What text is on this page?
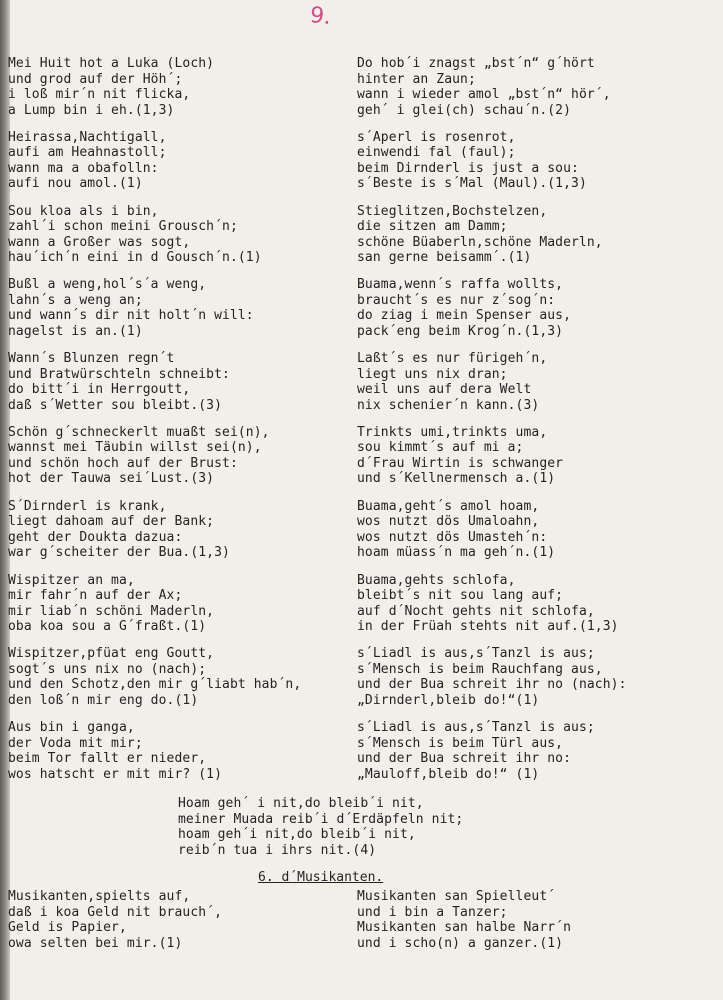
9.
Mei Huit hot a Luka (Loch)
und grod auf der Höh´;
i loß mir´n nit flicka,
a Lump bin i eh.(1,3)
Heirassa,Nachtigall,
aufi am Heahnastoll;
wann ma a obafolln:
aufi nou amol.(1)
Sou kloa als i bin,
zahl´i schon meini Grousch´n;
wann a Großer was sogt,
hau´ich´n eini in d Gousch´n.(1)
Bußl a weng,hol´s´a weng,
lahn´s a weng an;
und wann´s dir nit holt´n will:
nagelst is an.(1)
Wann´s Blunzen regn´t
und Bratwürschteln schneibt:
do bitt´i in Herrgoutt,
daß s´Wetter sou bleibt.(3)
Schön g´schneckerlt muaßt sei(n),
wannst mei Täubin willst sei(n),
und schön hoch auf der Brust:
hot der Tauwa sei´Lust.(3)
S´Dirnderl is krank,
liegt dahoam auf der Bank;
geht der Doukta dazua:
war g´scheiter der Bua.(1,3)
Wispitzer an ma,
mir fahr´n auf der Ax;
mir liab´n schöni Maderln,
oba koa sou a G´fraßt.(1)
Wispitzer,pfüat eng Goutt,
sogt´s uns nix no (nach);
und den Schotz,den mir g´liabt hab´n,
den loß´n mir eng do.(1)
Aus bin i ganga,
der Voda mit mir;
beim Tor fallt er nieder,
wos hatscht er mit mir? (1)
Do hob´i znagst „bst´n“ g´hört
hinter an Zaun;
wann i wieder amol „bst´n“ hör´,
geh´ i glei(ch) schau´n.(2)
s´Aperl is rosenrot,
einwendi fal (faul);
beim Dirnderl is just a sou:
s´Beste is s´Mal (Maul).(1,3)
Stieglitzen,Bochstelzen,
die sitzen am Damm;
schöne Büaberln,schöne Maderln,
san gerne beisamm´.(1)
Buama,wenn´s raffa wollts,
braucht´s es nur z´sog´n:
do ziag i mein Spenser aus,
pack´eng beim Krog´n.(1,3)
Laßt´s es nur fürigeh´n,
liegt uns nix dran;
weil uns auf dera Welt
nix schenier´n kann.(3)
Trinkts umi,trinkts uma,
sou kimmt´s auf mi a;
d´Frau Wirtin is schwanger
und s´Kellnermensch a.(1)
Buama,geht´s amol hoam,
wos nutzt dös Umaloahn,
wos nutzt dös Umasteh´n:
hoam müass´n ma geh´n.(1)
Buama,gehts schlofa,
bleibt´s nit sou lang auf;
auf d´Nocht gehts nit schlofa,
in der Früah stehts nit auf.(1,3)
s´Liadl is aus,s´Tanzl is aus;
s´Mensch is beim Rauchfang aus,
und der Bua schreit ihr no (nach):
„Dirnderl,bleib do!“(1)
s´Liadl is aus,s´Tanzl is aus;
s´Mensch is beim Türl aus,
und der Bua schreit ihr no:
„Mauloff,bleib do!“ (1)
Hoam geh´ i nit,do bleib´i nit,
meiner Muada reib´i d´Erdäpfeln nit;
hoam geh´i nit,do bleib´i nit,
reib´n tua i ihrs nit.(4)
6. d´Musikanten.
Musikanten,spielts auf,
daß i koa Geld nit brauch´,
Geld is Papier,
owa selten bei mir.(1)
Musikanten san Spielleut´
und i bin a Tanzer;
Musikanten san halbe Narr´n
und i scho(n) a ganzer.(1)
